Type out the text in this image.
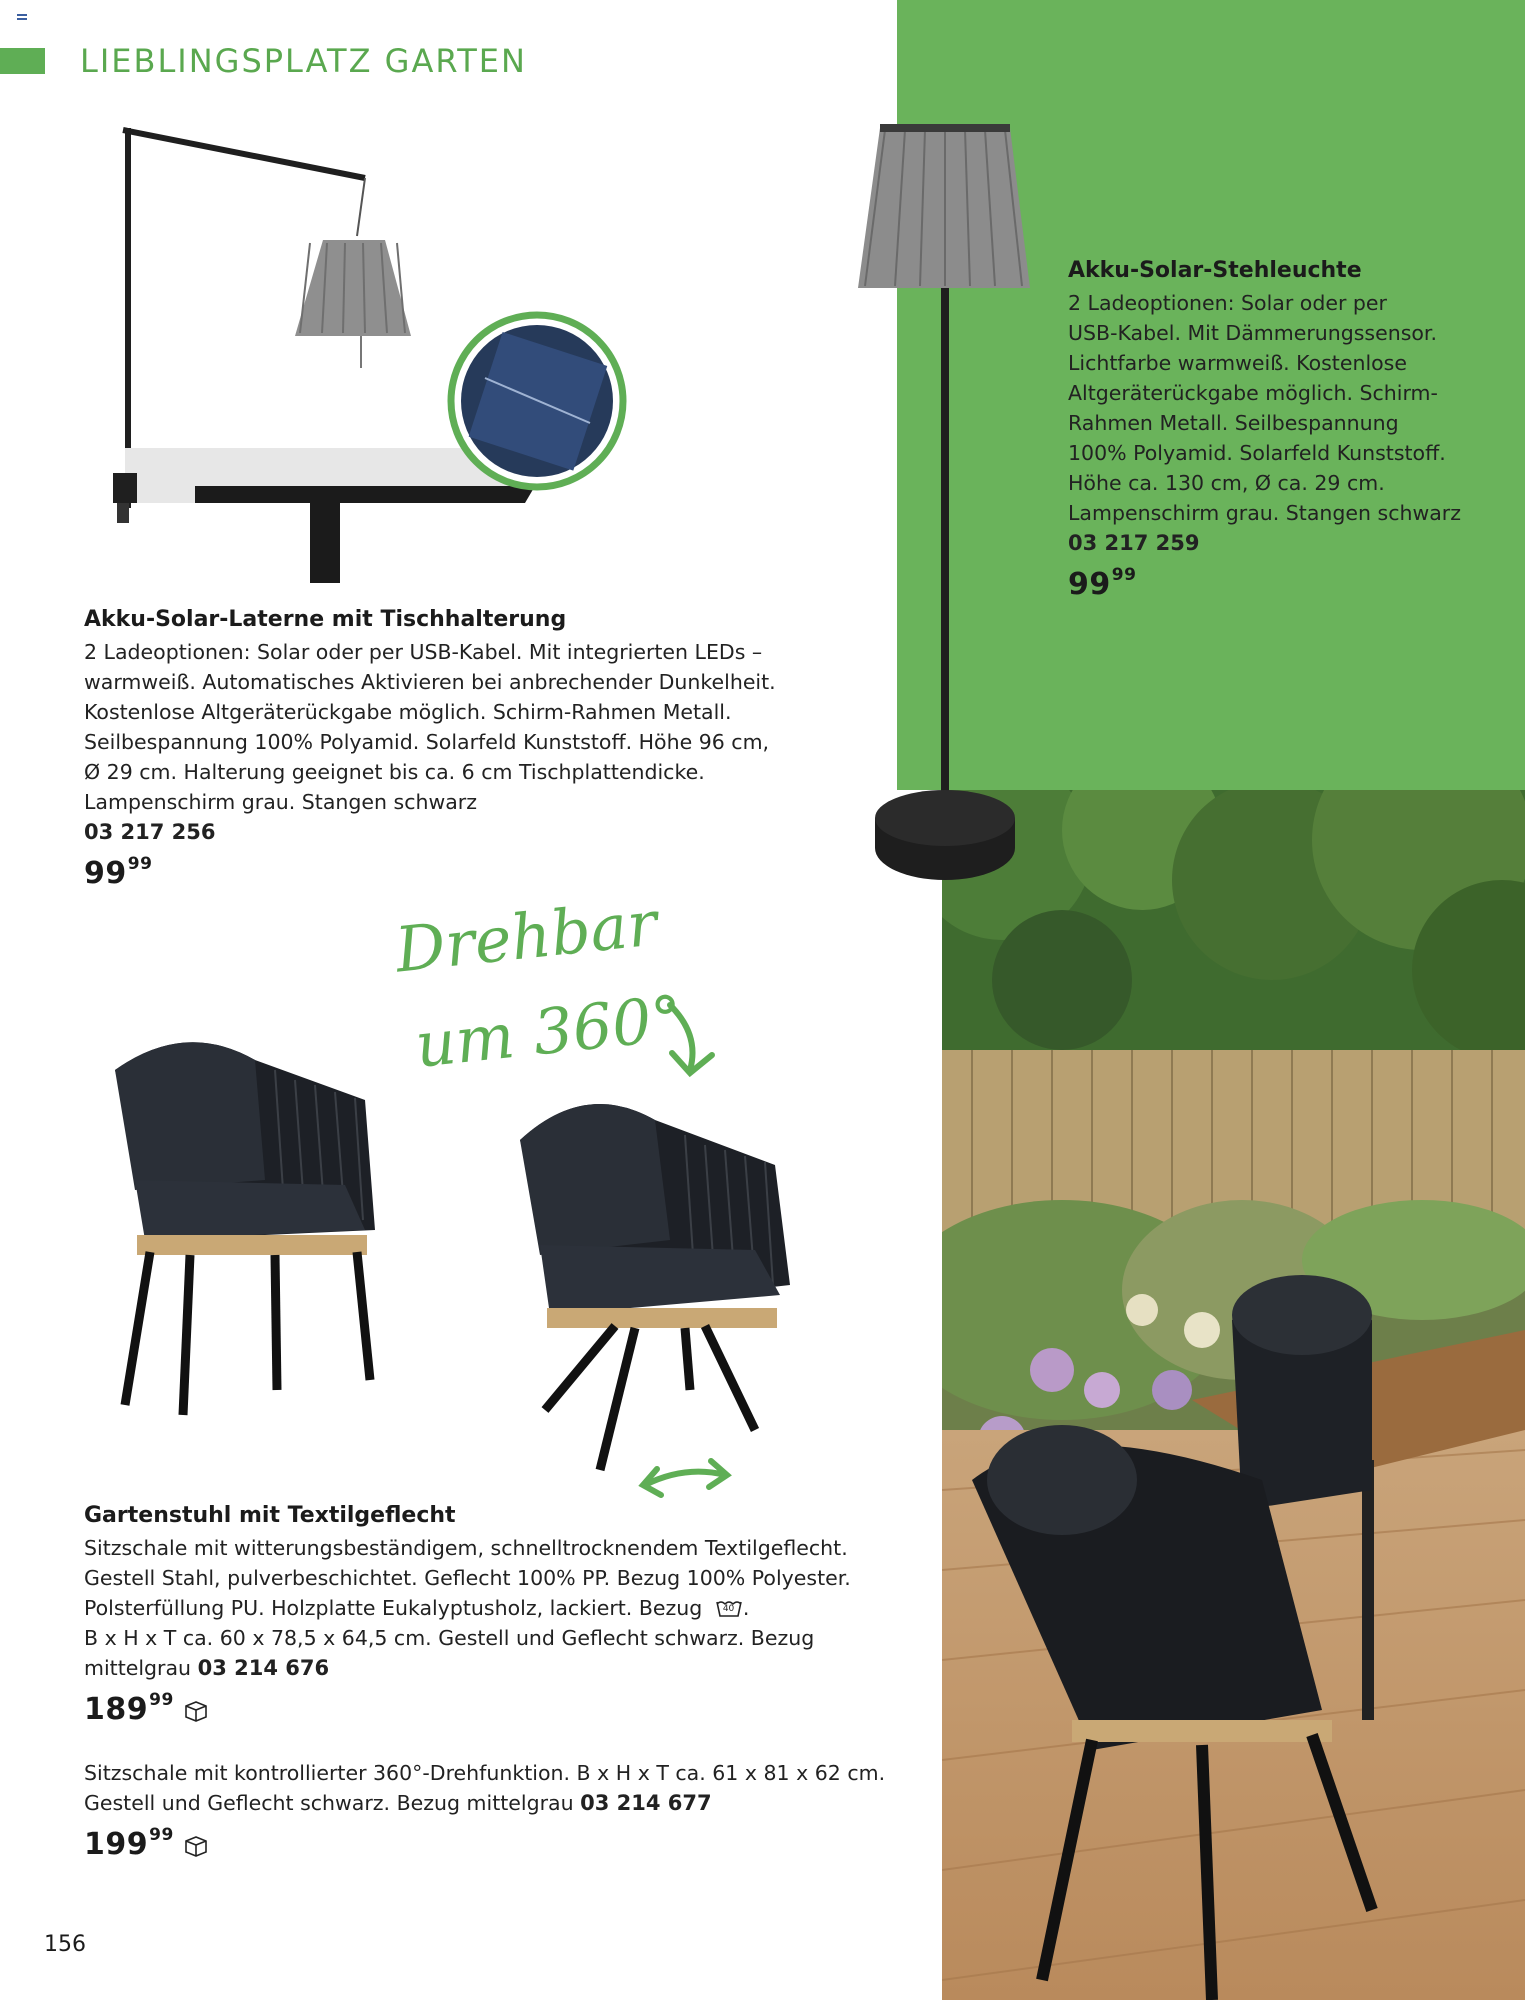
LIEBLINGSPLATZ GARTEN
Akku-Solar-Laterne mit Tischhalterung
2 Ladeoptionen: Solar oder per USB-Kabel. Mit integrierten LEDs –
warmweiß. Automatisches Aktivieren bei anbrechender Dunkelheit.
Kostenlose Altgeräterückgabe möglich. Schirm-Rahmen Metall.
Seilbespannung 100% Polyamid. Solarfeld Kunststoff. Höhe 96 cm,
Ø 29 cm. Halterung geeignet bis ca. 6 cm Tischplattendicke.
Lampenschirm grau. Stangen schwarz
03 217 256
$99^{99}$
Akku-Solar-Stehleuchte
2 Ladeoptionen: Solar oder per
USB-Kabel. Mit Dämmerungssensor.
Lichtfarbe warmweiß. Kostenlose
Altgeräterückgabe möglich. Schirm-
Rahmen Metall. Seilbespannung
100% Polyamid. Solarfeld Kunststoff.
Höhe ca. 130 cm, Ø ca. 29 cm.
Lampenschirm grau. Stangen schwarz
03 217 259
$99^{99}$
Drehbar
um 360°
Gartenstuhl mit Textilgeflecht
Sitzschale mit witterungsbeständigem, schnelltrocknendem Textilgeflecht.
Gestell Stahl, pulverbeschichtet. Geflecht 100% PP. Bezug 100% Polyester.
Polsterfüllung PU. Holzplatte Eukalyptusholz, lackiert. Bezug 40 .
B x H x T ca. 60 x 78,5 x 64,5 cm. Gestell und Geflecht schwarz. Bezug
mittelgrau 03 214 676
$189^{99}$
Sitzschale mit kontrollierter 360°-Drehfunktion. B x H x T ca. 61 x 81 x 62 cm.
Gestell und Geflecht schwarz. Bezug mittelgrau 03 214 677
$199^{99}$
156
